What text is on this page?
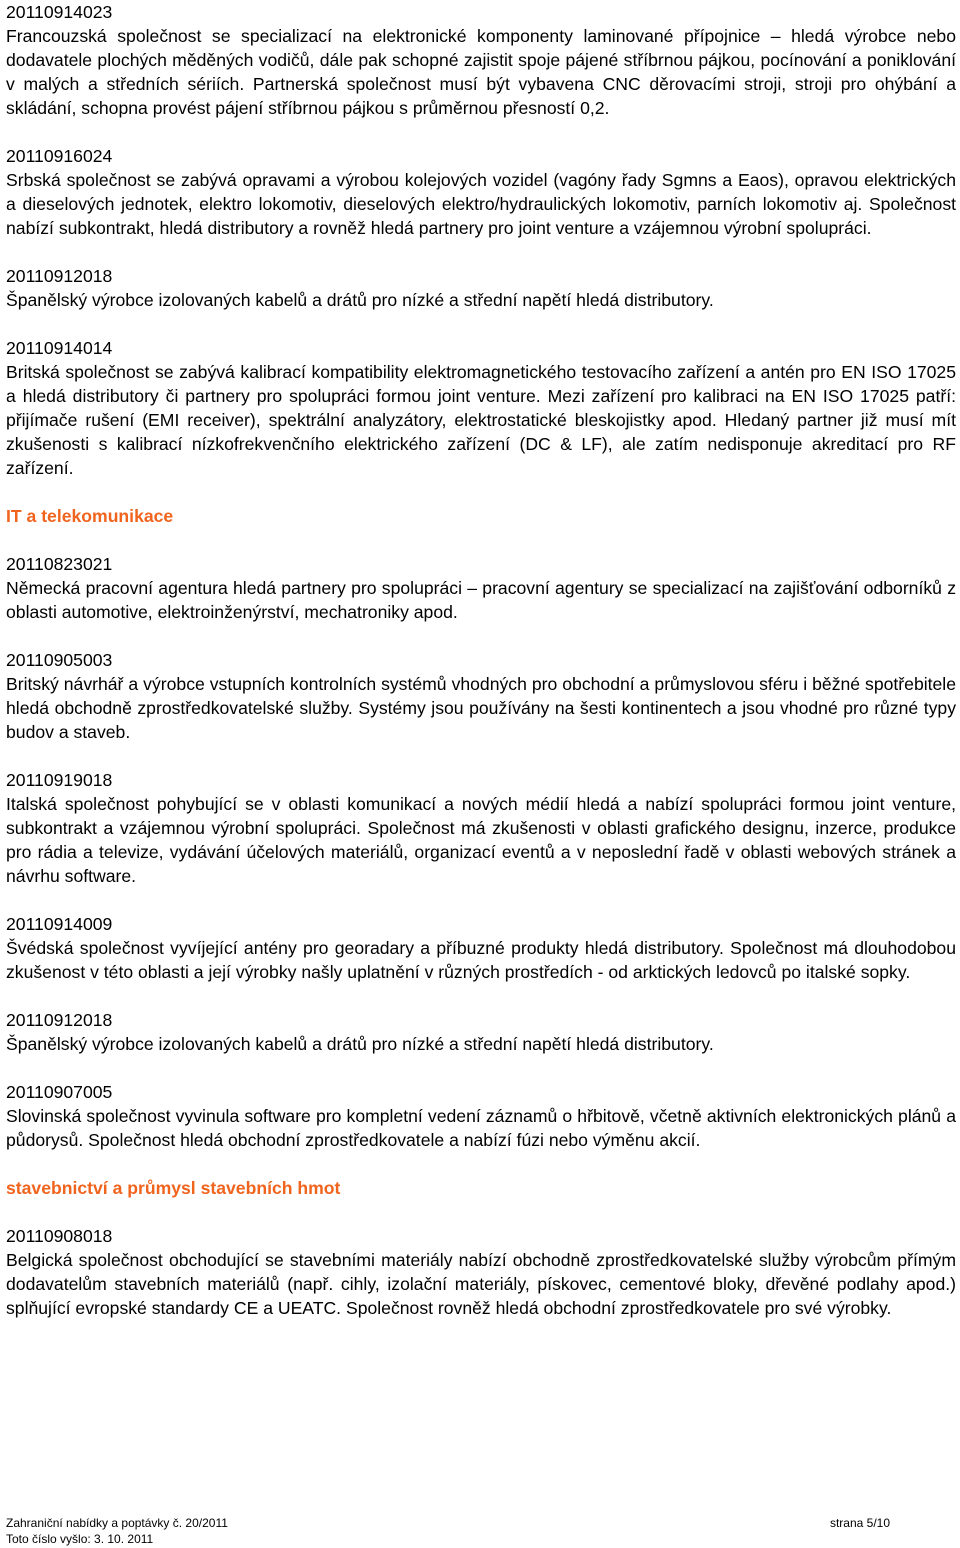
20110914023

Francouzská společnost se specializací na elektronické komponenty laminované přípojnice – hledá výrobce nebo dodavatele plochých měděných vodičů, dále pak schopné zajistit spoje pájené stříbrnou pájkou, pocínování a poniklování v malých a středních sériích. Partnerská společnost musí být vybavena CNC děrovacími stroji, stroji pro ohýbání a skládání, schopna provést pájení stříbrnou pájkou s průměrnou přesností 0,2.

20110916024

Srbská společnost se zabývá opravami a výrobou kolejových vozidel (vagóny řady Sgmns a Eaos), opravou elektrických a dieselových jednotek, elektro lokomotiv, dieselových elektro/hydraulických lokomotiv, parních lokomotiv aj. Společnost nabízí subkontrakt, hledá distributory a rovněž hledá partnery pro joint venture a vzájemnou výrobní spolupráci.

20110912018

Španělský výrobce izolovaných kabelů a drátů pro nízké a střední napětí hledá distributory.

20110914014

Britská společnost se zabývá kalibrací kompatibility elektromagnetického testovacího zařízení a antén pro EN ISO 17025 a hledá distributory či partnery pro spolupráci formou joint venture. Mezi zařízení pro kalibraci na EN ISO 17025 patří: přijímače rušení (EMI receiver), spektrální analyzátory, elektrostatické bleskojistky apod. Hledaný partner již musí mít zkušenosti s kalibrací nízkofrekvenčního elektrického zařízení (DC & LF), ale zatím nedisponuje akreditací pro RF zařízení.

IT a telekomunikace

20110823021

Německá pracovní agentura hledá partnery pro spolupráci – pracovní agentury se specializací na zajišťování odborníků z oblasti automotive, elektroinženýrství, mechatroniky apod.

20110905003

Britský návrhář a výrobce vstupních kontrolních systémů vhodných pro obchodní a průmyslovou sféru i běžné spotřebitele hledá obchodně zprostředkovatelské služby. Systémy jsou používány na šesti kontinentech a jsou vhodné pro různé typy budov a staveb.

20110919018

Italská společnost pohybující se v oblasti komunikací a nových médií hledá a nabízí spolupráci formou joint venture, subkontrakt a vzájemnou výrobní spolupráci. Společnost má zkušenosti v oblasti grafického designu, inzerce, produkce pro rádia a televize, vydávání účelových materiálů, organizací eventů a v neposlední řadě v oblasti webových stránek a návrhu software.

20110914009

Švédská společnost vyvíjející antény pro georadary a příbuzné produkty hledá distributory. Společnost má dlouhodobou zkušenost v této oblasti a její výrobky našly uplatnění v různých prostředích - od arktických ledovců po italské sopky.

20110912018

Španělský výrobce izolovaných kabelů a drátů pro nízké a střední napětí hledá distributory.

20110907005

Slovinská společnost vyvinula software pro kompletní vedení záznamů o hřbitově, včetně aktivních elektronických plánů a půdorysů. Společnost hledá obchodní zprostředkovatele a nabízí fúzi nebo výměnu akcií.

stavebnictví a průmysl stavebních hmot

20110908018

Belgická společnost obchodující se stavebními materiály nabízí obchodně zprostředkovatelské služby výrobcům přímým dodavatelům stavebních materiálů (např. cihly, izolační materiály, pískovec, cementové bloky, dřevěné podlahy apod.) splňující evropské standardy CE a UEATC. Společnost rovněž hledá obchodní zprostředkovatele pro své výrobky.

Zahraniční nabídky a poptávky č. 20/2011	strana 5/10
Toto číslo vyšlo: 3. 10. 2011
